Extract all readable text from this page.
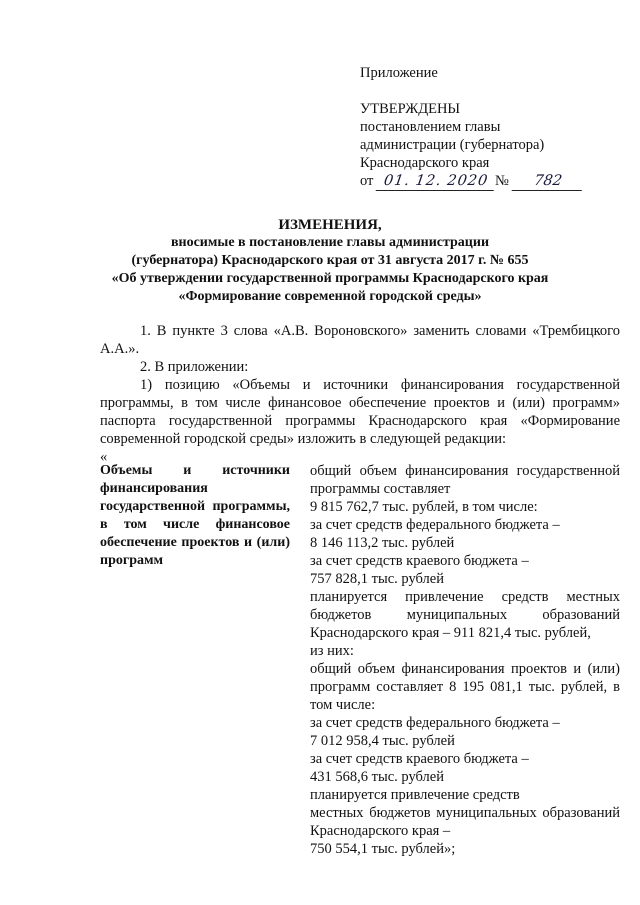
Приложение
УТВЕРЖДЕНЫ
постановлением главы
администрации (губернатора)
Краснодарского края
от 01. 12. 2020 № 782
ИЗМЕНЕНИЯ,
вносимые в постановление главы администрации
(губернатора) Краснодарского края от 31 августа 2017 г. № 655
«Об утверждении государственной программы Краснодарского края
«Формирование современной городской среды»

1. В пункте 3 слова «А.В. Вороновского» заменить словами «Трембицкого А.А.».

2. В приложении:

1) позицию «Объемы и источники финансирования государственной программы, в том числе финансовое обеспечение проектов и (или) программ» паспорта государственной программы Краснодарского края «Формирование современной городской среды» изложить в следующей редакции:

«

Объемы и источники финансирования государственной программы, в том числе финансовое обеспечение проектов и (или) программ
общий объем финансирования государственной программы составляет
9 815 762,7 тыс. рублей, в том числе:
за счет средств федерального бюджета –
8 146 113,2 тыс. рублей
за счет средств краевого бюджета –
757 828,1 тыс. рублей
планируется привлечение средств местных бюджетов муниципальных образований Краснодарского края – 911 821,4 тыс. рублей,
из них:
общий объем финансирования проектов и (или) программ составляет 8 195 081,1 тыс. рублей, в том числе:
за счет средств федерального бюджета –
7 012 958,4 тыс. рублей
за счет средств краевого бюджета –
431 568,6 тыс. рублей
планируется привлечение средств
местных бюджетов муниципальных образований Краснодарского края –
750 554,1 тыс. рублей»;
